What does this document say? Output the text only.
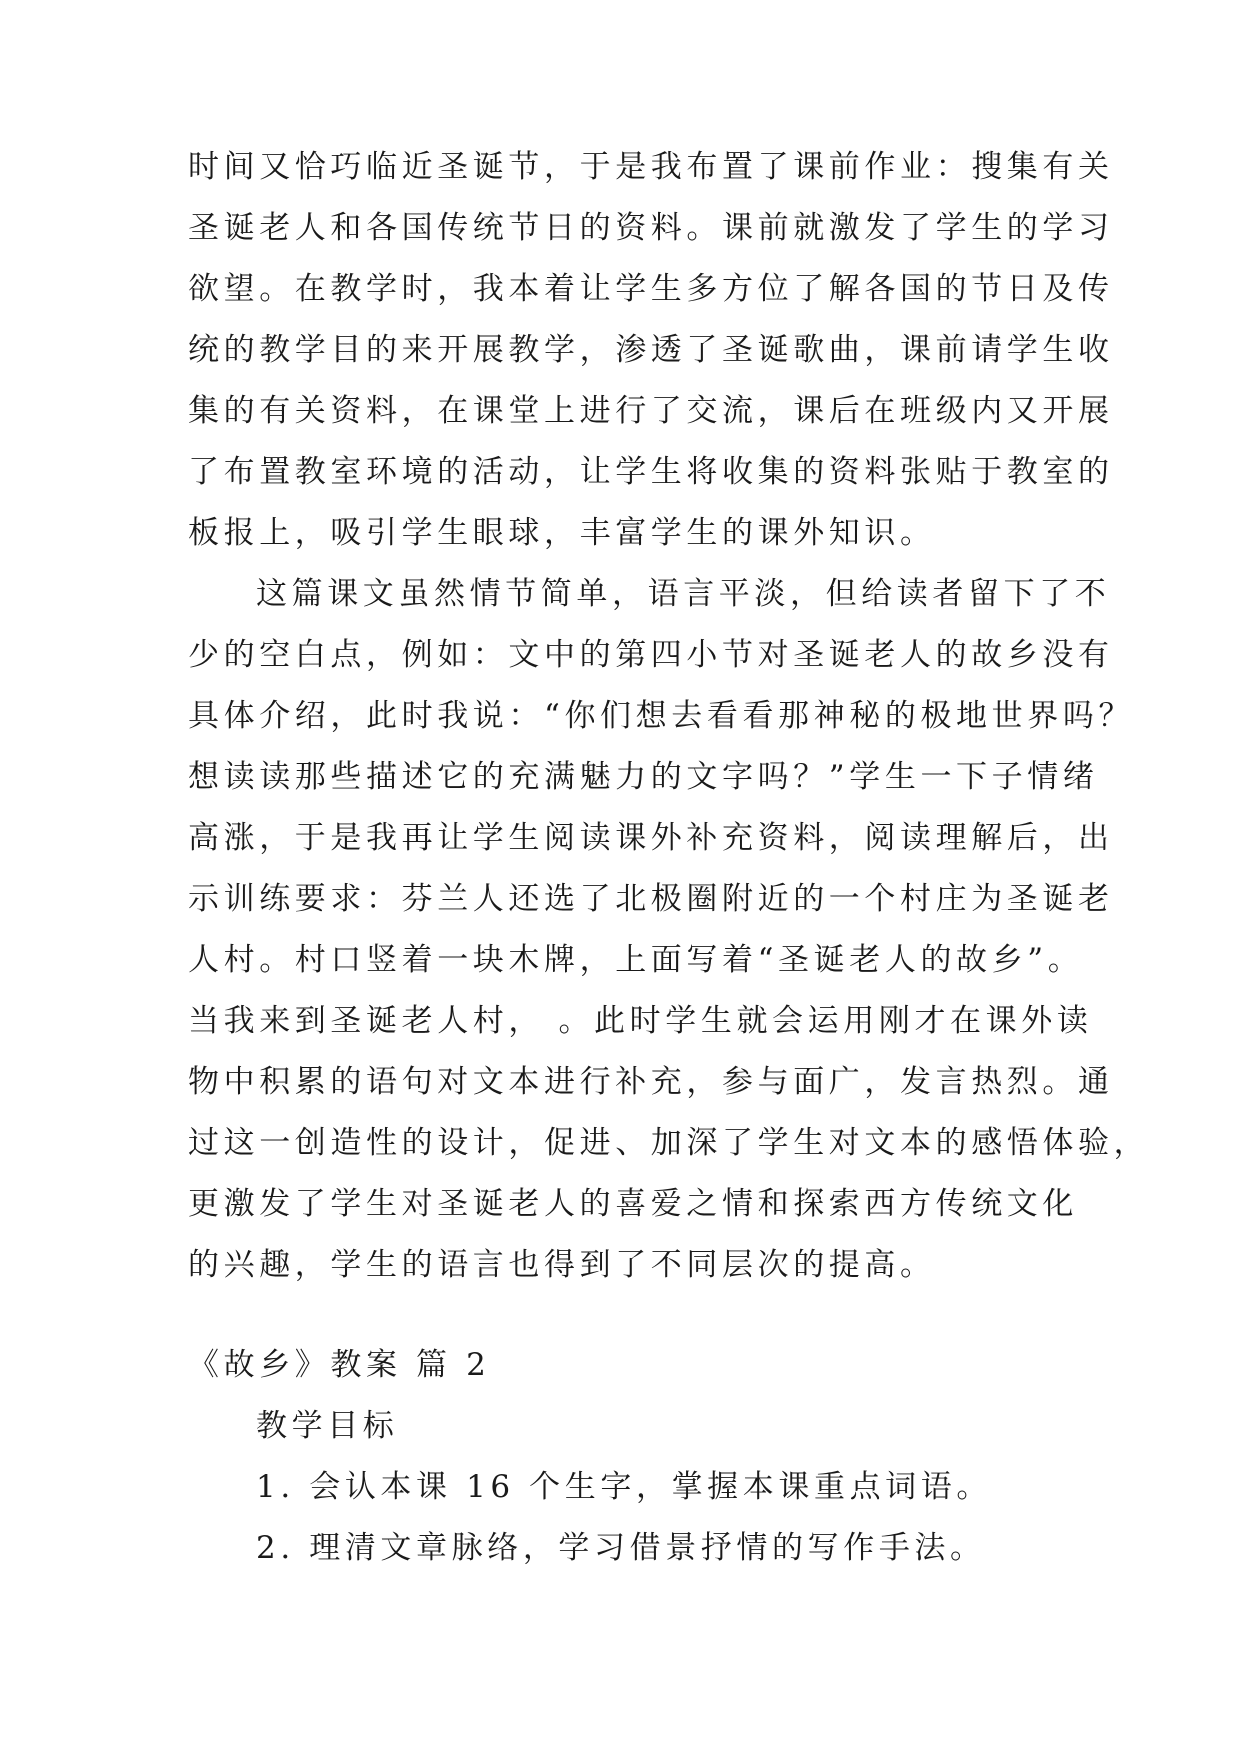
时间又恰巧临近圣诞节，于是我布置了课前作业：搜集有关
圣诞老人和各国传统节日的资料。课前就激发了学生的学习
欲望。在教学时，我本着让学生多方位了解各国的节日及传
统的教学目的来开展教学，渗透了圣诞歌曲，课前请学生收
集的有关资料，在课堂上进行了交流，课后在班级内又开展
了布置教室环境的活动，让学生将收集的资料张贴于教室的
板报上，吸引学生眼球，丰富学生的课外知识。
这篇课文虽然情节简单，语言平淡，但给读者留下了不
少的空白点，例如：文中的第四小节对圣诞老人的故乡没有
具体介绍，此时我说：“你们想去看看那神秘的极地世界吗？
想读读那些描述它的充满魅力的文字吗？”学生一下子情绪
高涨，于是我再让学生阅读课外补充资料，阅读理解后，出
示训练要求：芬兰人还选了北极圈附近的一个村庄为圣诞老
人村。村口竖着一块木牌，上面写着“圣诞老人的故乡”。
当我来到圣诞老人村， 。此时学生就会运用刚才在课外读
物中积累的语句对文本进行补充，参与面广，发言热烈。通
过这一创造性的设计，促进、加深了学生对文本的感悟体验，
更激发了学生对圣诞老人的喜爱之情和探索西方传统文化
的兴趣，学生的语言也得到了不同层次的提高。
《故乡》教案 篇 2
教学目标
1. 会认本课 16 个生字，掌握本课重点词语。
2. 理清文章脉络，学习借景抒情的写作手法。
